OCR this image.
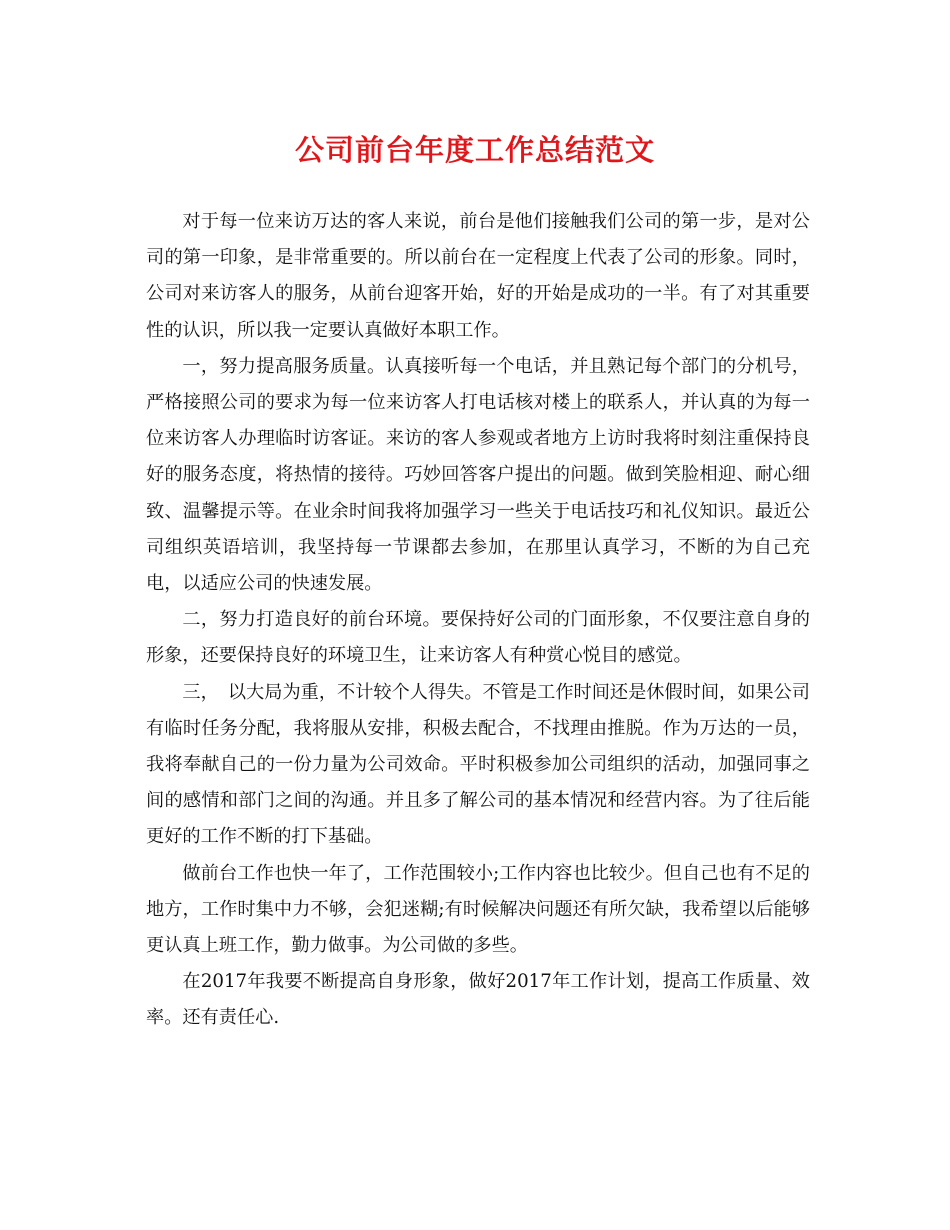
公司前台年度工作总结范文

对于每一位来访万达的客人来说，前台是他们接触我们公司的第一步，是对公司的第一印象，是非常重要的。所以前台在一定程度上代表了公司的形象。同时，公司对来访客人的服务，从前台迎客开始，好的开始是成功的一半。有了对其重要性的认识，所以我一定要认真做好本职工作。

一，努力提高服务质量。认真接听每一个电话，并且熟记每个部门的分机号，严格接照公司的要求为每一位来访客人打电话核对楼上的联系人，并认真的为每一位来访客人办理临时访客证。来访的客人参观或者地方上访时我将时刻注重保持良好的服务态度，将热情的接待。巧妙回答客户提出的问题。做到笑脸相迎、耐心细致、温馨提示等。在业余时间我将加强学习一些关于电话技巧和礼仪知识。最近公司组织英语培训，我坚持每一节课都去参加，在那里认真学习，不断的为自己充电，以适应公司的快速发展。

二，努力打造良好的前台环境。要保持好公司的门面形象，不仅要注意自身的形象，还要保持良好的环境卫生，让来访客人有种赏心悦目的感觉。

三，　以大局为重，不计较个人得失。不管是工作时间还是休假时间，如果公司有临时任务分配，我将服从安排，积极去配合，不找理由推脱。作为万达的一员，我将奉献自己的一份力量为公司效命。平时积极参加公司组织的活动，加强同事之间的感情和部门之间的沟通。并且多了解公司的基本情况和经营内容。为了往后能更好的工作不断的打下基础。

做前台工作也快一年了，工作范围较小;工作内容也比较少。但自己也有不足的地方，工作时集中力不够，会犯迷糊;有时候解决问题还有所欠缺，我希望以后能够更认真上班工作，勤力做事。为公司做的多些。

在2017年我要不断提高自身形象，做好2017年工作计划，提高工作质量、效率。还有责任心.
